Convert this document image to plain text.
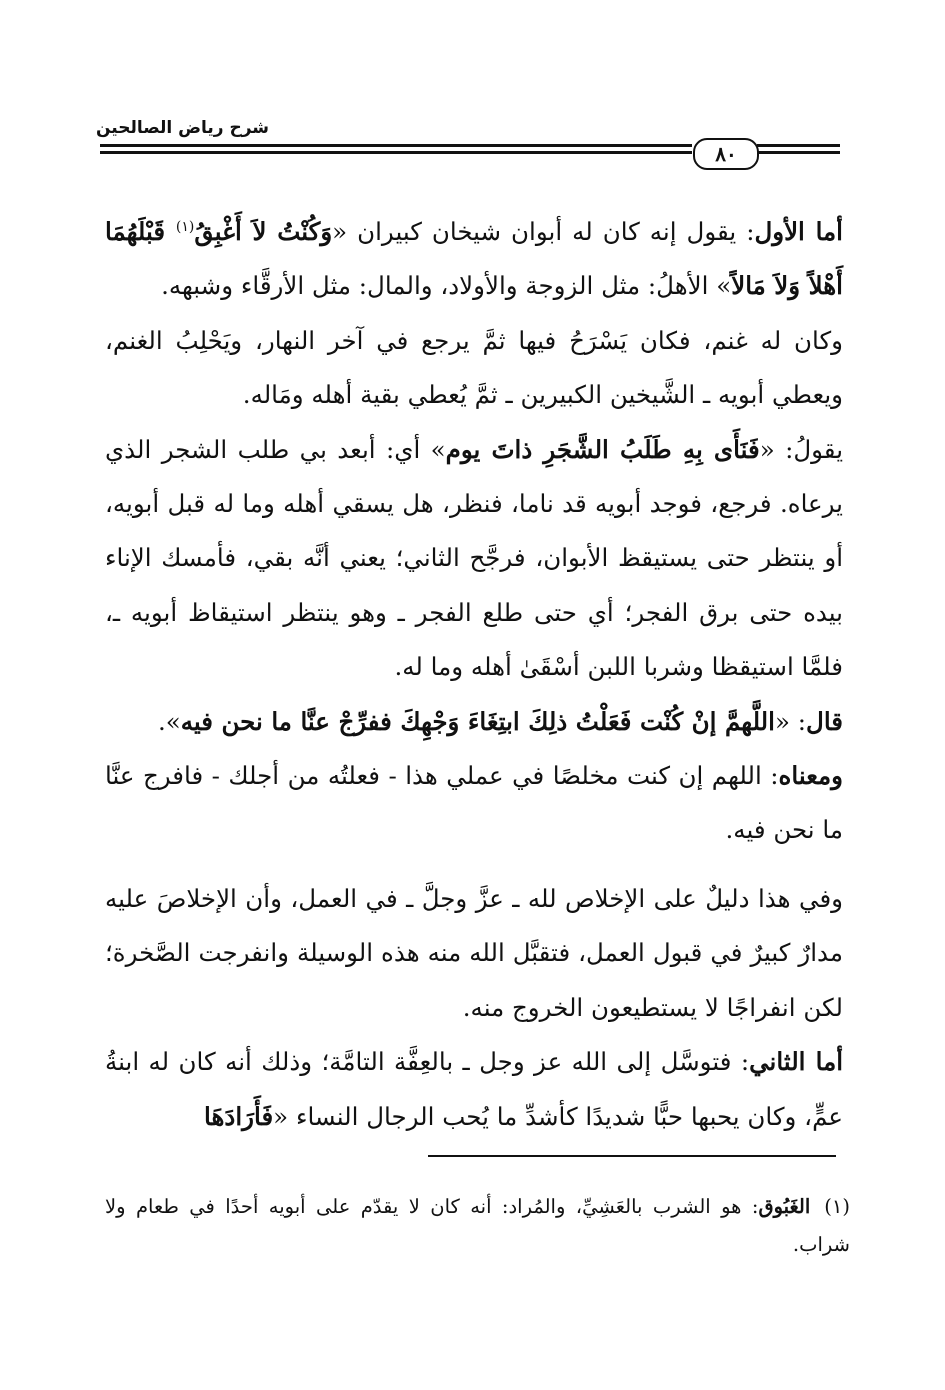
شرح رياض الصالحين
٨٠

أما الأول: يقول إنه كان له أبوان شيخان كبيران «وَكُنْتُ لاَ أَغْبِقُ$^{(١)}$ قَبْلَهُمَا أَهْلاً وَلاَ مَالاً» الأهلُ: مثل الزوجة والأولاد، والمال: مثل الأرقَّاء وشبهه.

وكان له غنم، فكان يَسْرَحُ فيها ثمَّ يرجع في آخر النهار، ويَحْلِبُ الغنم، ويعطي أبويه ـ الشَّيخين الكبيرين ـ ثمَّ يُعطي بقية أهله ومَاله.

يقولُ: «فَنَأَى بِهِ طَلَبُ الشَّجَرِ ذاتَ يوم» أي: أبعد بي طلب الشجر الذي يرعاه. فرجع، فوجد أبويه قد ناما، فنظر، هل يسقي أهله وما له قبل أبويه، أو ينتظر حتى يستيقظ الأبوان، فرجَّح الثاني؛ يعني أنَّه بقي، فأمسك الإناء بيده حتى برق الفجر؛ أي حتى طلع الفجر ـ وهو ينتظر استيقاظ أبويه ـ، فلمَّا استيقظا وشربا اللبن أسْقَىٰ أهله وما له.

قال: «اللَّهمَّ إنْ كُنْت فَعَلْتُ ذلِكَ ابتِغَاءَ وَجْهِكَ ففرِّجْ عنَّا ما نحن فيه».

ومعناه: اللهم إن كنت مخلصًا في عملي هذا - فعلتُه من أجلك - فافرج عنَّا ما نحن فيه.

وفي هذا دليلٌ على الإخلاص لله ـ عزَّ وجلَّ ـ في العمل، وأن الإخلاصَ عليه مدارٌ كبيرٌ في قبول العمل، فتقبَّل الله منه هذه الوسيلة وانفرجت الصَّخرة؛ لكن انفراجًا لا يستطيعون الخروج منه.

أما الثاني: فتوسَّل إلى الله عز وجل ـ بالعِفَّة التامَّة؛ وذلك أنه كان له ابنةُ عمٍّ، وكان يحبها حبًّا شديدًا كأشدِّ ما يُحب الرجال النساء «فَأَرَادَهَا

(١)الغَبُوق: هو الشرب بالعَشِيِّ، والمُراد: أنه كان لا يقدّم على أبويه أحدًا في طعام ولا شراب.
